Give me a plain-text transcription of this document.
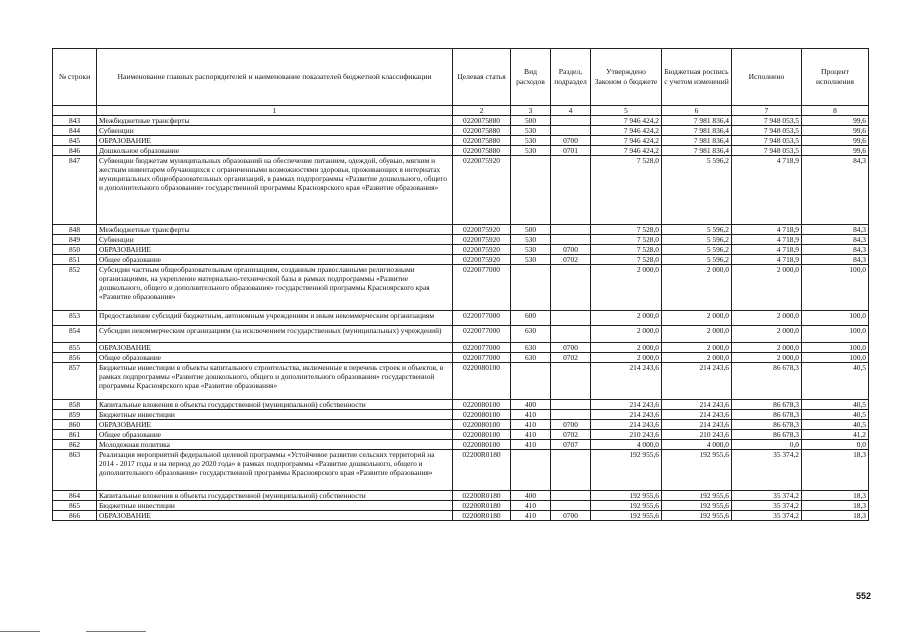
№ строки	Наименование главных распорядителей и наименование показателей бюджетной классификации	Целевая статья	Вид расходов	Раздел, подраздел	Утверждено Законом о бюджете	Бюджетная роспись с учетом изменений	Исполнено	Процент исполнения
	1	2	3	4	5	6	7	8
843	Межбюджетные трансферты	0220075880	500		7 946 424,2	7 981 836,4	7 948 053,5	99,6
844	Субвенции	0220075880	530		7 946 424,2	7 981 836,4	7 948 053,5	99,6
845	ОБРАЗОВАНИЕ	0220075880	530	0700	7 946 424,2	7 981 836,4	7 948 053,5	99,6
846	Дошкольное образование	0220075880	530	0701	7 946 424,2	7 981 836,4	7 948 053,5	99,6
847	Субвенции бюджетам муниципальных образований на обеспечение питанием, одеждой, обувью, мягким и жестким инвентарем обучающихся с ограниченными возможностями здоровья, проживающих в интернатах муниципальных общеобразовательных организаций, в рамках подпрограммы «Развитие дошкольного, общего и дополнительного образования» государственной программы Красноярского края «Развитие образования»	0220075920			7 528,0	5 596,2	4 718,9	84,3
848	Межбюджетные трансферты	0220075920	500		7 528,0	5 596,2	4 718,9	84,3
849	Субвенции	0220075920	530		7 528,0	5 596,2	4 718,9	84,3
850	ОБРАЗОВАНИЕ	0220075920	530	0700	7 528,0	5 596,2	4 718,9	84,3
851	Общее образование	0220075920	530	0702	7 528,0	5 596,2	4 718,9	84,3
852	Субсидии частным общеобразовательным организациям, созданным православными религиозными организациями, на укрепление материально-технической базы в рамках подпрограммы «Развитие дошкольного, общего и дополнительного образования» государственной программы Красноярского края «Развитие образования»	0220077000			2 000,0	2 000,0	2 000,0	100,0
853	Предоставление субсидий бюджетным, автономным учреждениям и иным некоммерческим организациям	0220077000	600		2 000,0	2 000,0	2 000,0	100,0
854	Субсидии некоммерческим организациям (за исключением государственных (муниципальных) учреждений)	0220077000	630		2 000,0	2 000,0	2 000,0	100,0
855	ОБРАЗОВАНИЕ	0220077000	630	0700	2 000,0	2 000,0	2 000,0	100,0
856	Общее образование	0220077000	630	0702	2 000,0	2 000,0	2 000,0	100,0
857	Бюджетные инвестиции в объекты капитального строительства, включенные в перечень строек и объектов, в рамках подпрограммы «Развитие дошкольного, общего и дополнительного образования» государственной программы Красноярского края «Развитие образования»	0220080100			214 243,6	214 243,6	86 678,3	40,5
858	Капитальные вложения в объекты государственной (муниципальной) собственности	0220080100	400		214 243,6	214 243,6	86 678,3	40,5
859	Бюджетные инвестиции	0220080100	410		214 243,6	214 243,6	86 678,3	40,5
860	ОБРАЗОВАНИЕ	0220080100	410	0700	214 243,6	214 243,6	86 678,3	40,5
861	Общее образование	0220080100	410	0702	210 243,6	210 243,6	86 678,3	41,2
862	Молодежная политика	0220080100	410	0707	4 000,0	4 000,0	0,0	0,0
863	Реализация мероприятий федеральной целевой программы «Устойчивое развитие сельских территорий на 2014 - 2017 годы и на период до 2020 года» в рамках подпрограммы «Развитие дошкольного, общего и дополнительного образования» государственной программы Красноярского края «Развитие образования»	02200R0180			192 955,6	192 955,6	35 374,2	18,3
864	Капитальные вложения в объекты государственной (муниципальной) собственности	02200R0180	400		192 955,6	192 955,6	35 374,2	18,3
865	Бюджетные инвестиции	02200R0180	410		192 955,6	192 955,6	35 374,2	18,3
866	ОБРАЗОВАНИЕ	02200R0180	410	0700	192 955,6	192 955,6	35 374,2	18,3
552
